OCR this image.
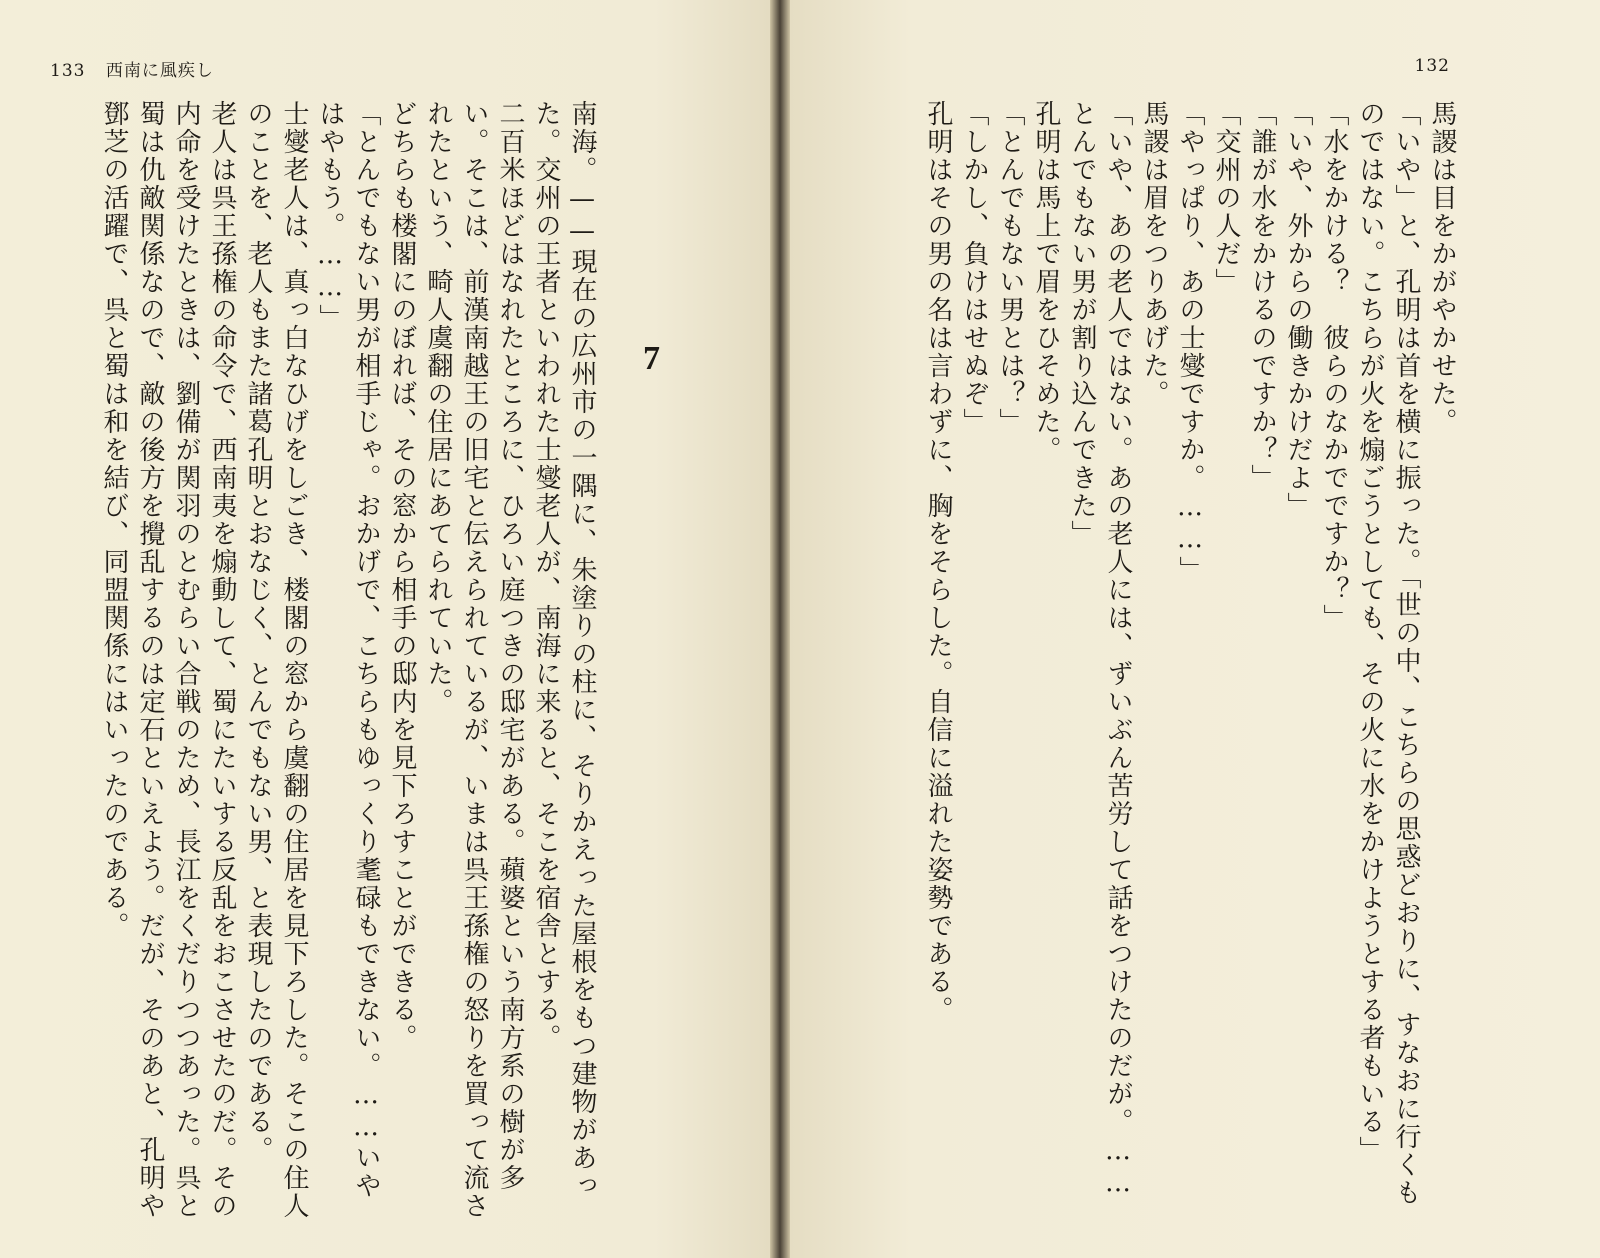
133 西南に風疾し

南海。——現在の広州市の一隅に、朱塗りの柱に、そりかえった屋根をもつ建物があった。交州の王者といわれた士燮老人が、南海に来ると、そこを宿舎とする。

二百米ほどはなれたところに、ひろい庭つきの邸宅がある。蘋婆という南方系の樹が多い。そこは、前漢南越王の旧宅と伝えられているが、いまは呉王孫権の怒りを買って流されたという、畸人虞翻の住居にあてられていた。

どちらも楼閣にのぼれば、その窓から相手の邸内を見下ろすことができる。

「とんでもない男が相手じゃ。おかげで、こちらもゆっくり耄碌もできない。……いやはやもう。……」

士燮老人は、真っ白なひげをしごき、楼閣の窓から虞翻の住居を見下ろした。そこの住人のことを、老人もまた諸葛孔明とおなじく、とんでもない男、と表現したのである。

老人は呉王孫権の命令で、西南夷を煽動して、蜀にたいする反乱をおこさせたのだ。その内命を受けたときは、劉備が関羽のとむらい合戦のため、長江をくだりつつあった。呉と蜀は仇敵関係なので、敵の後方を攪乱するのは定石といえよう。だが、そのあと、孔明や鄧芝の活躍で、呉と蜀は和を結び、同盟関係にはいったのである。	7
132

馬謖は目をかがやかせた。

「いや」と、孔明は首を横に振った。「世の中、こちらの思惑どおりに、すなおに行くものではない。こちらが火を煽ごうとしても、その火に水をかけようとする者もいる」

「水をかける？　彼らのなかでですか？」

「いや、外からの働きかけだよ」

「誰が水をかけるのですか？」

「交州の人だ」

「やっぱり、あの士燮ですか。……」

馬謖は眉をつりあげた。

「いや、あの老人ではない。あの老人には、ずいぶん苦労して話をつけたのだが。……とんでもない男が割り込んできた」

孔明は馬上で眉をひそめた。

「とんでもない男とは？」

「しかし、負けはせぬぞ」

孔明はその男の名は言わずに、胸をそらした。自信に溢れた姿勢である。
